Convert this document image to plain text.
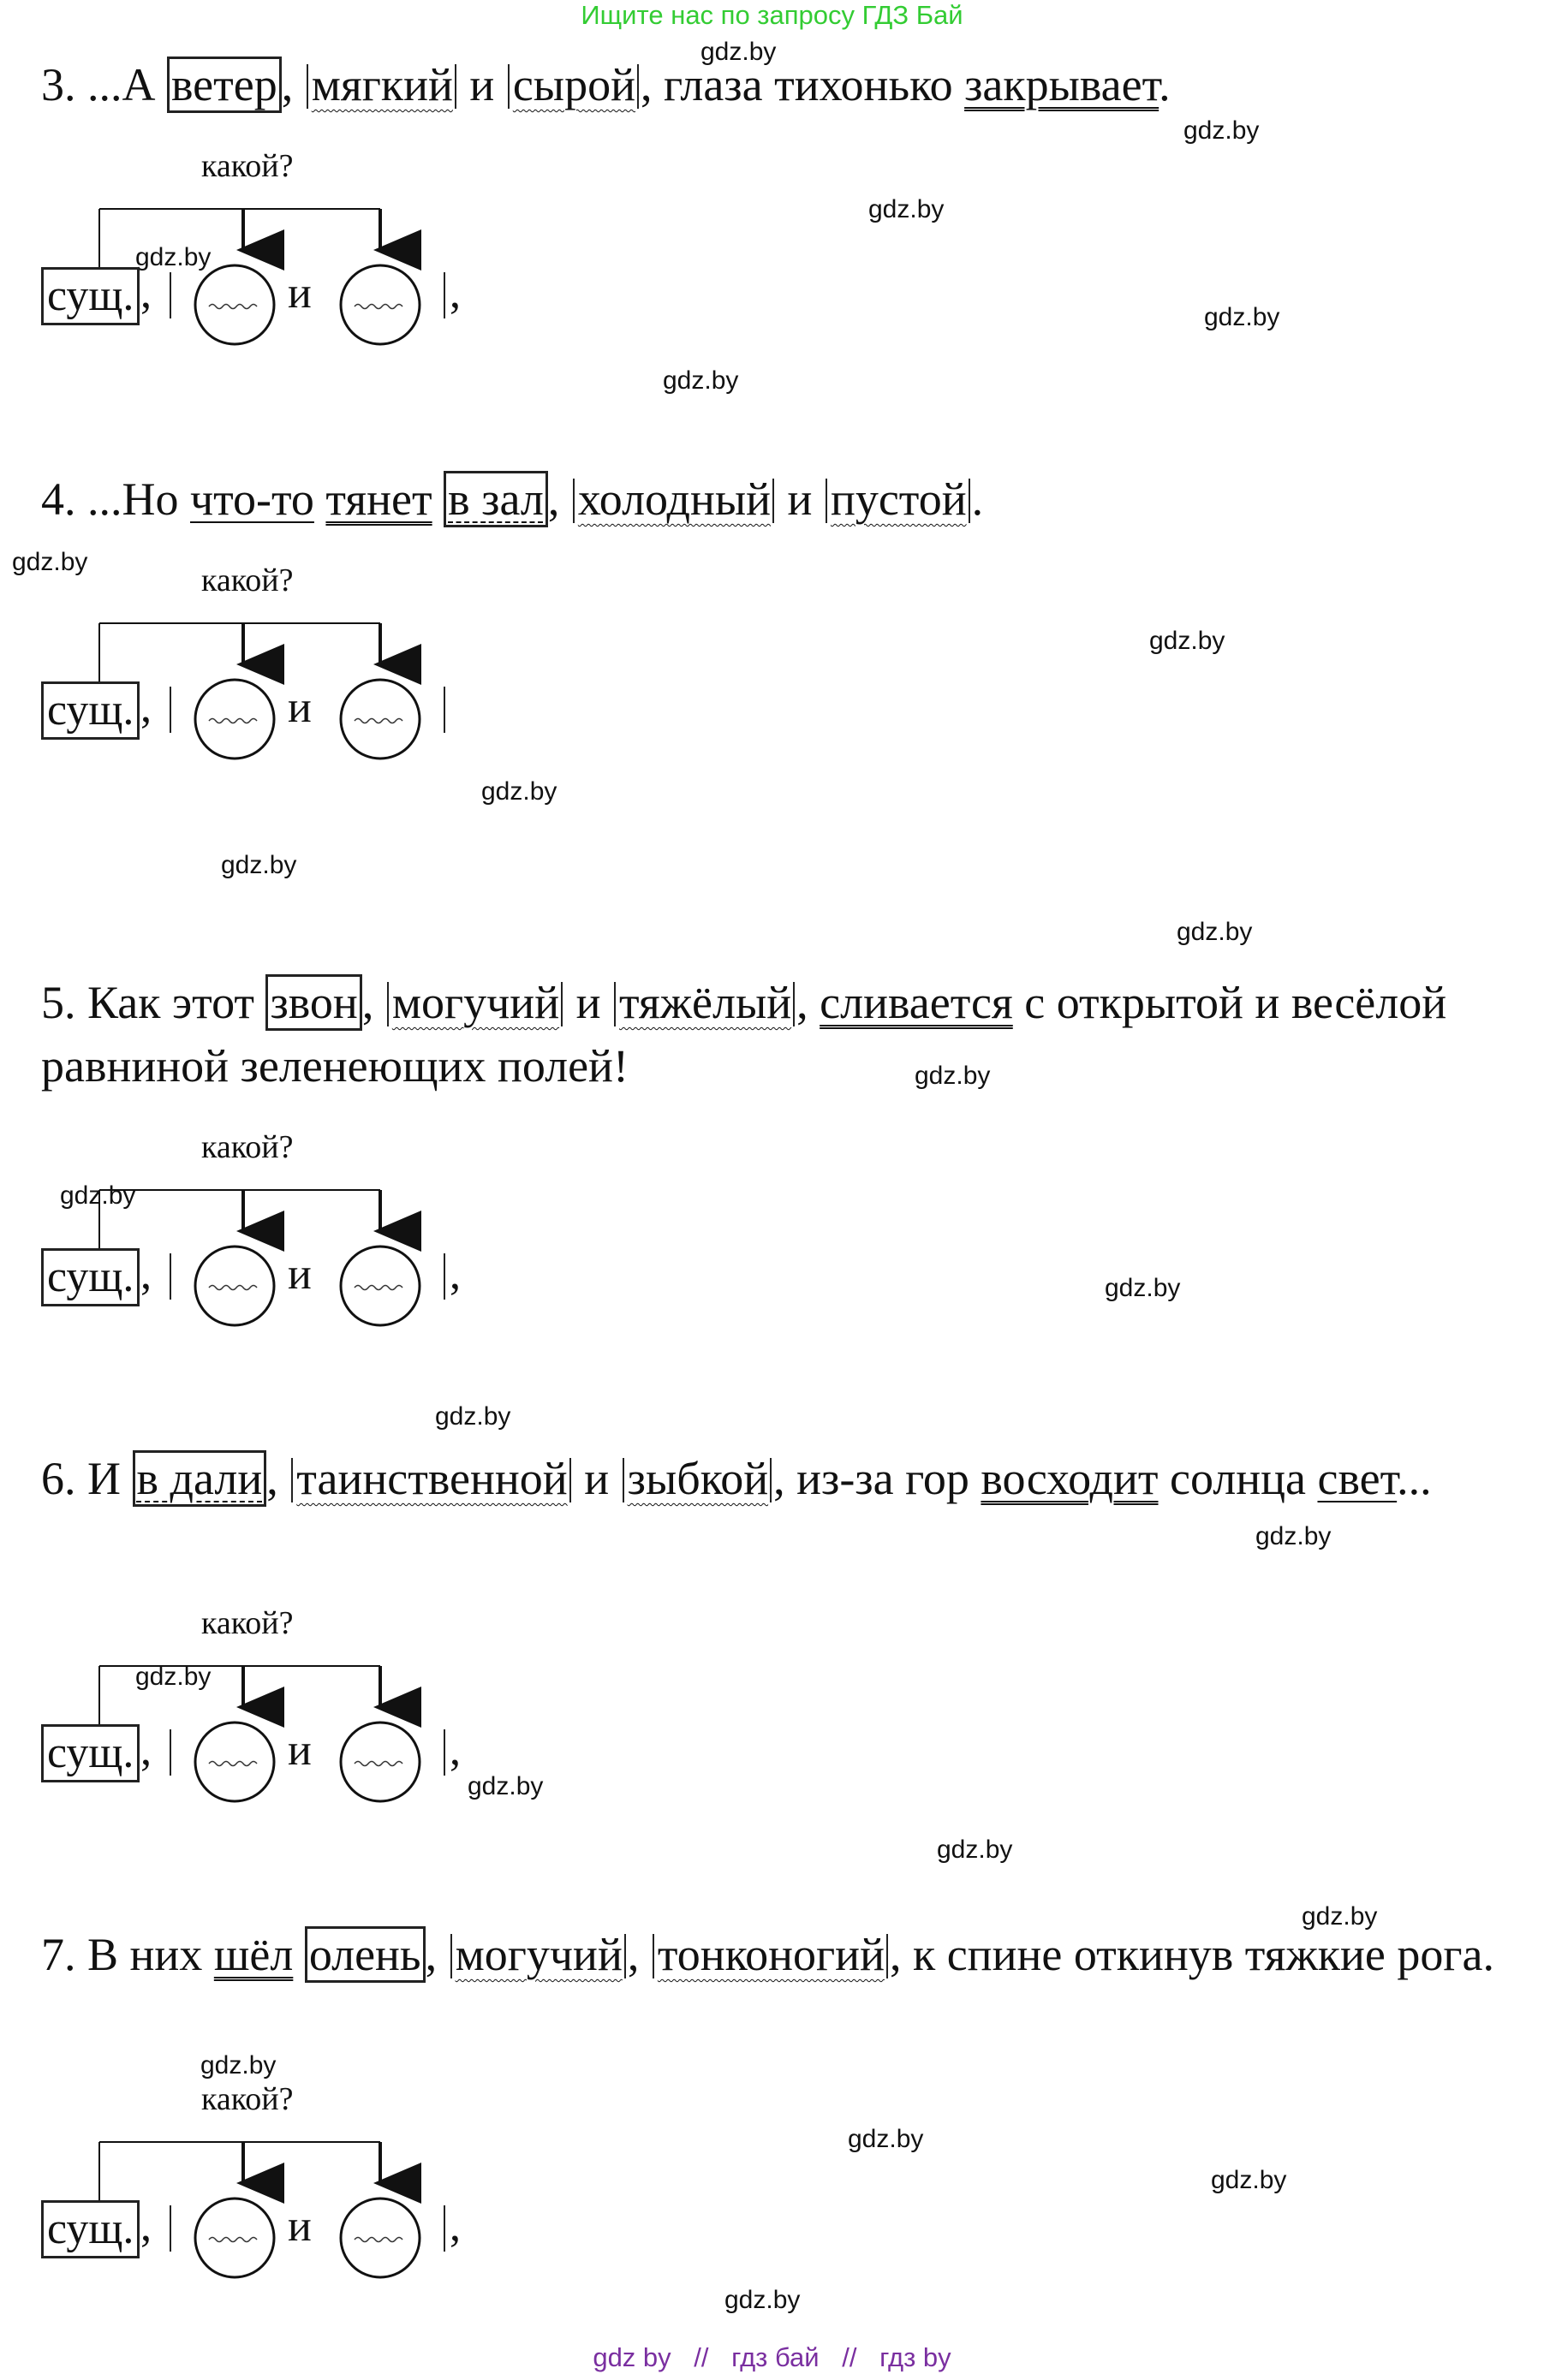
Ищите нас по запросу ГДЗ Бай
gdz.by
gdz.by
gdz.by
gdz.by
gdz.by
gdz.by
gdz.by
gdz.by
gdz.by
gdz.by
gdz.by
gdz.by
gdz.by
gdz.by
gdz.by
gdz.by
gdz.by
gdz.by
gdz.by
gdz.by
gdz.by
gdz.by
gdz.by
gdz.by
3. ...А ветер, мягкий и сырой , глаза тихонько закрывает.
какой?
сущ. ,	и	,
4. ...Но что-то тянет в зал, холодный и пустой .
какой?
сущ. ,	и
5. Как этот звон, могучий и тяжёлый , сливается с открытой и весёлой равниной зеленеющих полей!
какой?
сущ. ,	и	,
6. И в дали, таинственной и зыбкой , из-за гор восходит солнца свет...
какой?
сущ. ,	и	,
7. В них шёл олень, могучий , тонконогий , к спине откинув тяжкие рога.
какой?
сущ. ,	и	,
gdz by // гдз бай // гдз by
